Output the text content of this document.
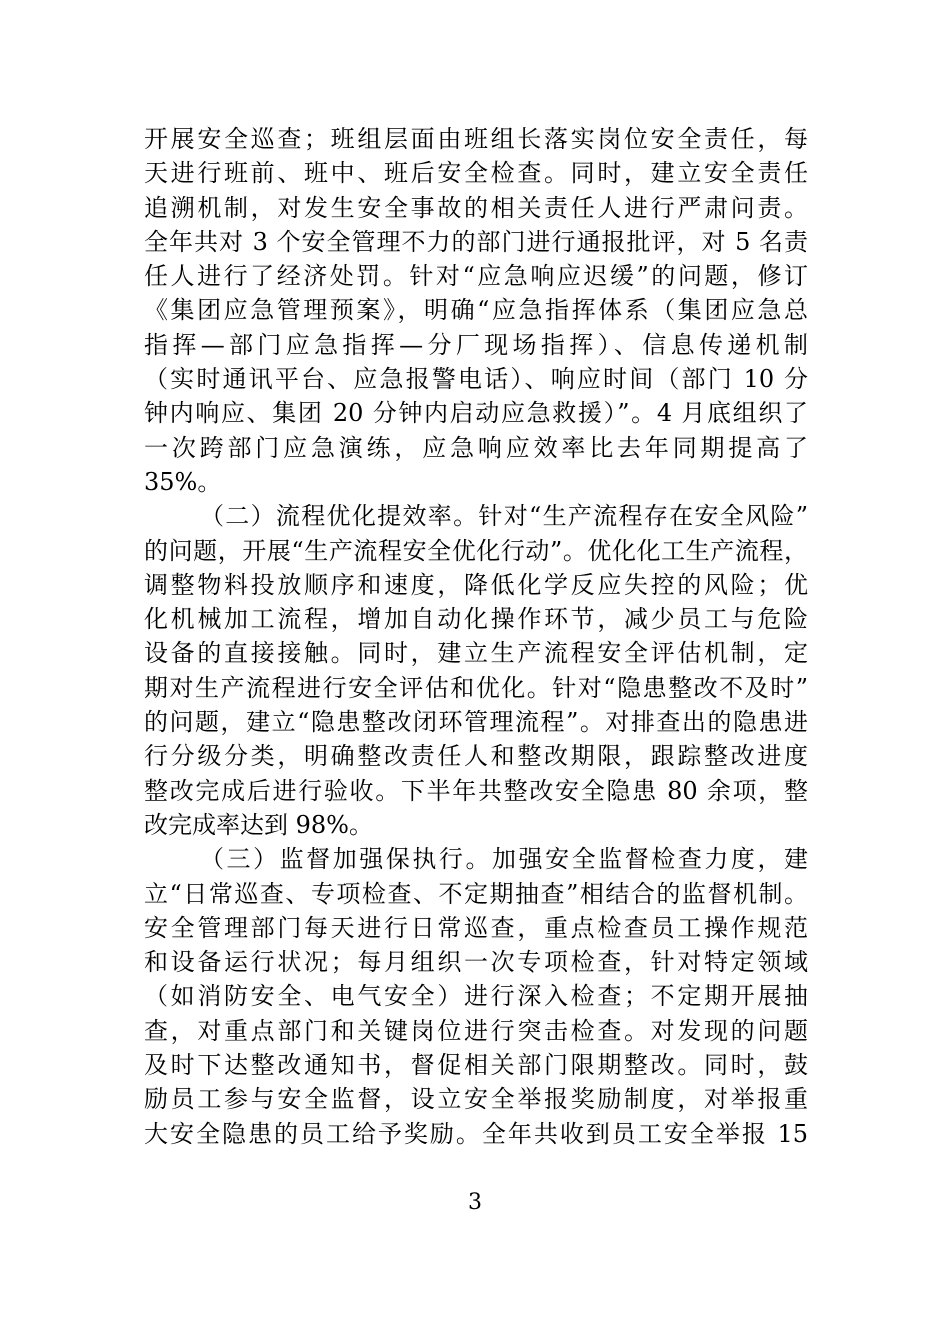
开展安全巡查；班组层面由班组长落实岗位安全责任，每
天进行班前、班中、班后安全检查。同时，建立安全责任
追溯机制，对发生安全事故的相关责任人进行严肃问责。
全年共对 3 个安全管理不力的部门进行通报批评，对 5 名责
任人进行了经济处罚。针对“应急响应迟缓”的问题，修订
《集团应急管理预案》，明确“应急指挥体系（集团应急总
指挥—部门应急指挥—分厂现场指挥）、信息传递机制
（实时通讯平台、应急报警电话）、响应时间（部门 10 分
钟内响应、集团 20 分钟内启动应急救援）”。4 月底组织了
一次跨部门应急演练，应急响应效率比去年同期提高了
35%。
（二）流程优化提效率。针对“生产流程存在安全风险”
的问题，开展“生产流程安全优化行动”。优化化工生产流程，
调整物料投放顺序和速度，降低化学反应失控的风险；优
化机械加工流程，增加自动化操作环节，减少员工与危险
设备的直接接触。同时，建立生产流程安全评估机制，定
期对生产流程进行安全评估和优化。针对“隐患整改不及时”
的问题，建立“隐患整改闭环管理流程”。对排查出的隐患进
行分级分类，明确整改责任人和整改期限，跟踪整改进度
整改完成后进行验收。下半年共整改安全隐患 80 余项，整
改完成率达到 98%。
（三）监督加强保执行。加强安全监督检查力度，建
立“日常巡查、专项检查、不定期抽查”相结合的监督机制。
安全管理部门每天进行日常巡查，重点检查员工操作规范
和设备运行状况；每月组织一次专项检查，针对特定领域
（如消防安全、电气安全）进行深入检查；不定期开展抽
查，对重点部门和关键岗位进行突击检查。对发现的问题
及时下达整改通知书，督促相关部门限期整改。同时，鼓
励员工参与安全监督，设立安全举报奖励制度，对举报重
大安全隐患的员工给予奖励。全年共收到员工安全举报 15
3
